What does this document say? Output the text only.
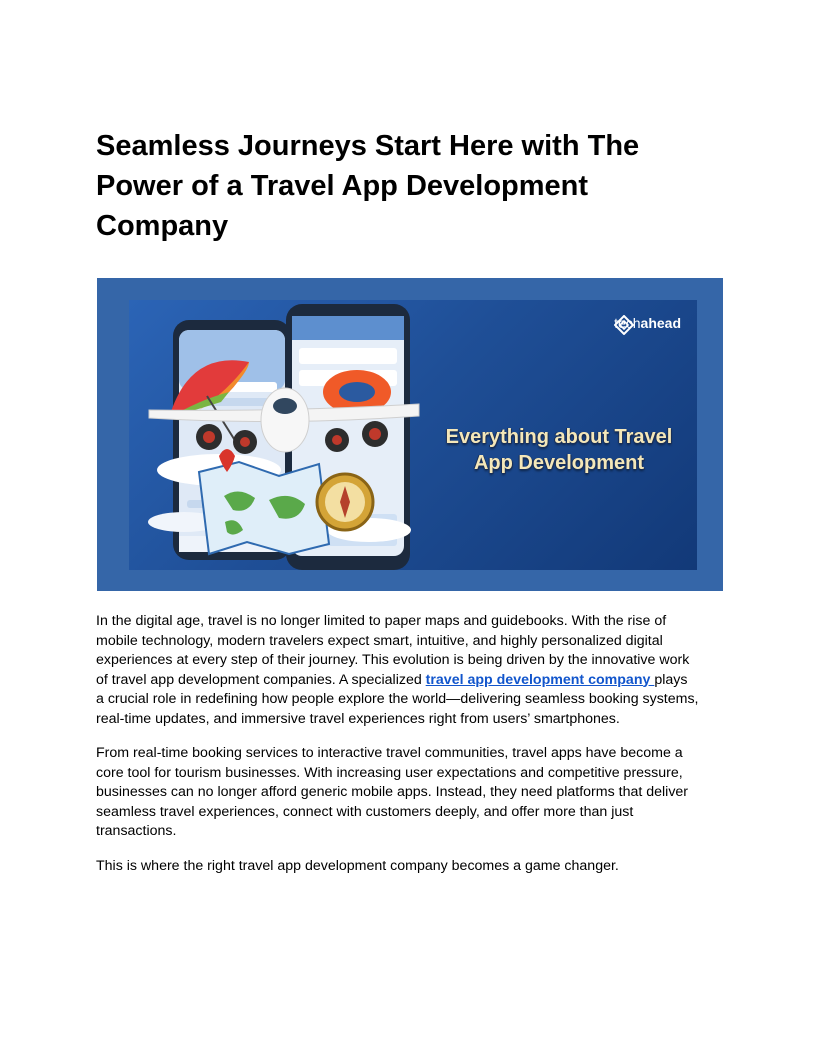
Seamless Journeys Start Here with The
Power of a Travel App Development
Company
techahead
Everything about Travel
App Development

In the digital age, travel is no longer limited to paper maps and guidebooks. With the rise of
mobile technology, modern travelers expect smart, intuitive, and highly personalized digital
experiences at every step of their journey. This evolution is being driven by the innovative work
of travel app development companies. A specialized travel app development company plays
a crucial role in redefining how people explore the world—delivering seamless booking systems,
real-time updates, and immersive travel experiences right from users’ smartphones.

From real-time booking services to interactive travel communities, travel apps have become a
core tool for tourism businesses. With increasing user expectations and competitive pressure,
businesses can no longer afford generic mobile apps. Instead, they need platforms that deliver
seamless travel experiences, connect with customers deeply, and offer more than just
transactions.

This is where the right travel app development company becomes a game changer.
